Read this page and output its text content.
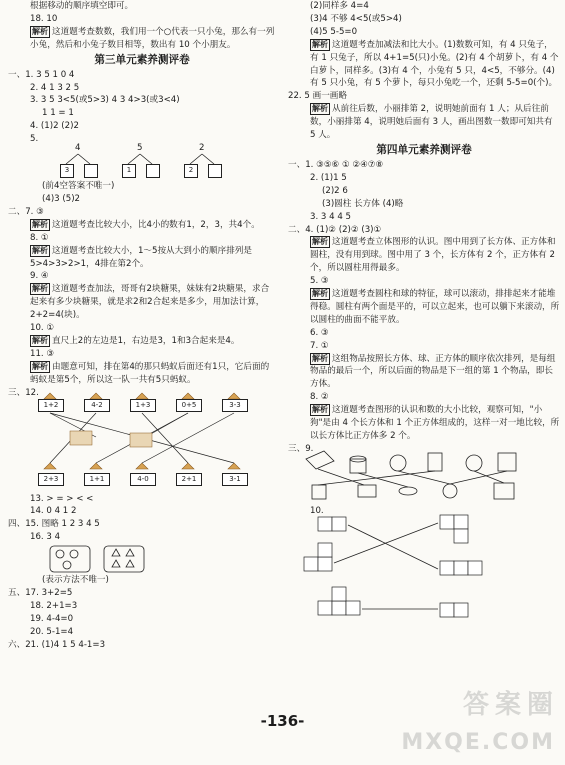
根据移动的顺序填空即可。
18. 10
解析 这道题考查数数，我们用一个○代表一只小兔，那么有一列小兔，然后和小兔子数目相等，数出有 10 个小朋友。
第三单元素养测评卷
一、1. 3 5 1 0 4
2. 4 1 3 2 5
3. 3 5 3<5(或5>3) 4 3 4>3(或3<4)
1 1 = 1
4. (1)2 (2)2
5.
4	5	2
3	1	2
(前4空答案不唯一)
(4)3 (5)2
二、7. ③
解析 这道题考查比较大小，比4小的数有1，2，3，共4个。
8. ①
解析 这道题考查比较大小，1～5按从大到小的顺序排列是5>4>3>2>1，4排在第2个。
9. ④
解析 这道题考查加法，哥哥有2块糖果，妹妹有2块糖果，求合起来有多少块糖果，就是求2和2合起来是多少，用加法计算，2+2=4(块)。
10. ①
解析 直尺上2的左边是1，右边是3，1和3合起来是4。
11. ③
解析 由题意可知，排在第4的那只蚂蚁后面还有1只，它后面的蚂蚁是第5个，所以这一队一共有5只蚂蚁。
三、12.
1+2	4-2	1+3	0+5	3-3
2+3	1+1	4-0	2+1	3-1
13. > = > < <
14. 0 4 1 2
四、15. 图略 1 2 3 4 5
16. 3 4
(表示方法不唯一)
五、17. 3+2=5
18. 2+1=3
19. 4-4=0
20. 5-1=4
六、21. (1)4 1 5 4-1=3
(2)同样多 4=4
(3)4 不够 4<5(或5>4)
(4)5 5-5=0
解析 这道题考查加减法和比大小。(1)数数可知，有 4 只兔子，有 1 只兔子，所以 4+1=5(只)小兔。(2)有 4 个胡萝卜，有 4 个白萝卜，同样多。(3)有 4 个，小兔有 5 只，4<5，不够分。(4)有 5 只小兔，有 5 个萝卜，每只小兔吃一个，还剩 5-5=0(个)。
22. 5 画一画略
解析 从前往后数，小丽排第 2，说明她前面有 1 人；从后往前数，小丽排第 4，说明她后面有 3 人，画出图数一数即可知共有 5 人。
第四单元素养测评卷
一、1. ③⑤⑥ ① ②④⑦⑧
2. (1)1 5
(2)2 6
(3)圆柱 长方体 (4)略
3. 3 4 4 5
二、4. (1)② (2)② (3)①
解析 这道题考查立体图形的认识。图中用到了长方体、正方体和圆柱，没有用到球。图中用了 3 个，长方体有 2 个，正方体有 2 个，所以圆柱用得最多。
5. ③
解析 这道题考查圆柱和球的特征，球可以滚动，排排起来才能堆得稳。圆柱有两个面是平的，可以立起来，也可以躺下来滚动，所以圆柱的曲面不能平放。
6. ③
7. ①
解析 这组物品按照长方体、球、正方体的顺序依次排列，是每组物品的最后一个，所以后面的物品是下一组的第 1 个物品，即长方体。
8. ②
解析 这道题考查图形的认识和数的大小比较，观察可知，"小狗"是由 4 个长方体和 1 个正方体组成的，这样一对一地比较，所以长方体比正方体多 2 个。
三、9.
10.
-136-
答案圈
MXQE.COM
